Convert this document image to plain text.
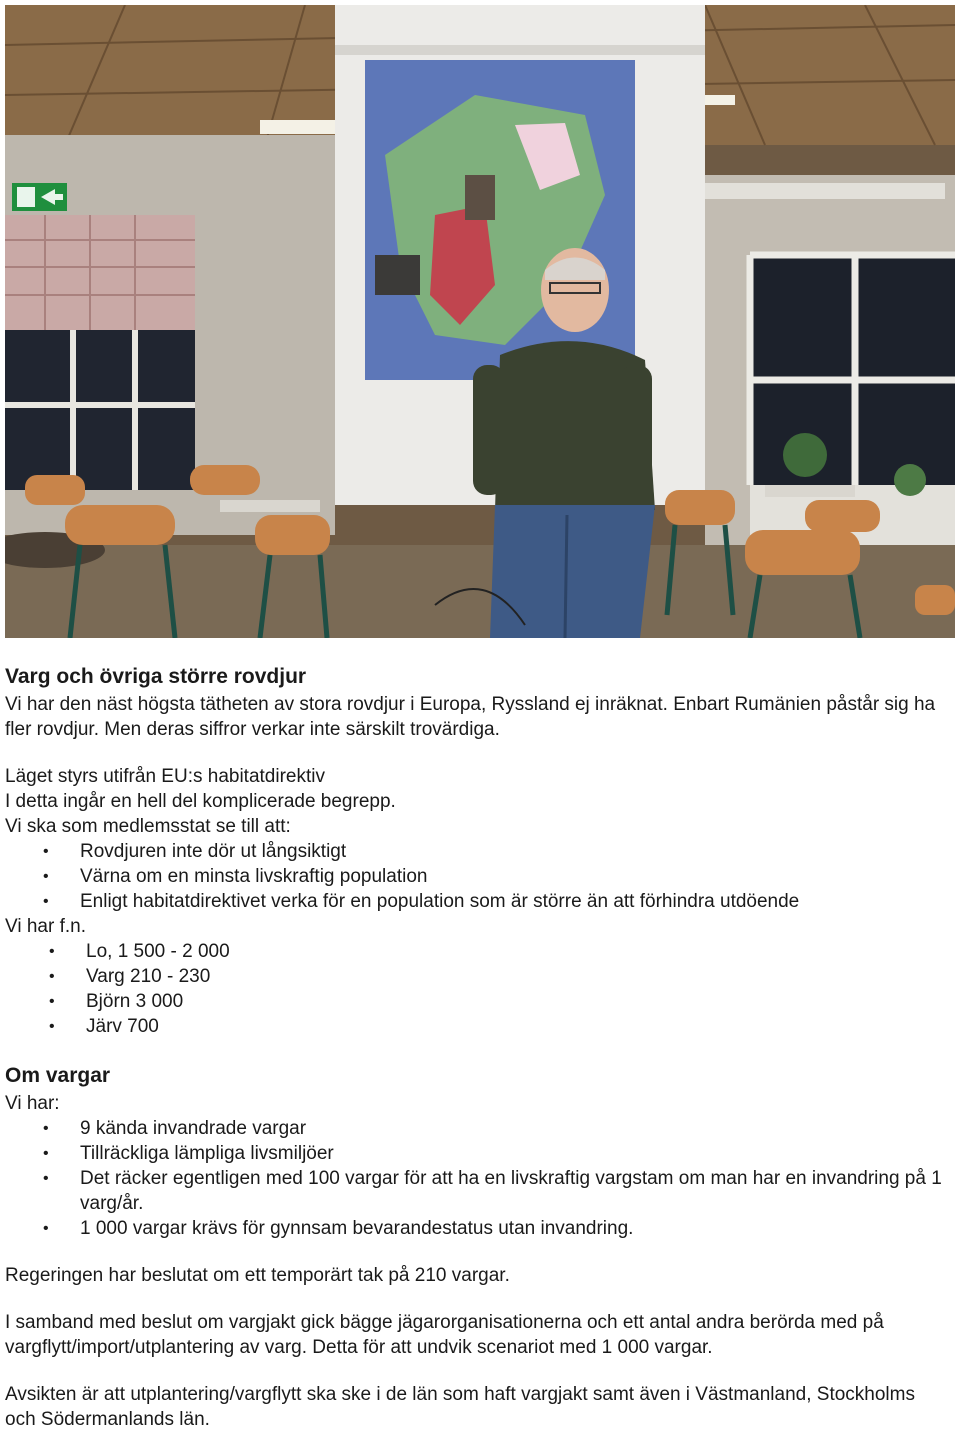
Varg och övriga större rovdjur

Vi har den näst högsta tätheten av stora rovdjur i Europa, Ryssland ej inräknat. Enbart Rumänien påstår sig ha fler rovdjur. Men deras siffror verkar inte särskilt trovärdiga.

Läget styrs utifrån EU:s habitatdirektiv

I detta ingår en hell del komplicerade begrepp.

Vi ska som medlemsstat se till att:

• Rovdjuren inte dör ut långsiktigt
• Värna om en minsta livskraftig population
• Enligt habitatdirektivet verka för en population som är större än att förhindra utdöende

Vi har f.n.

• Lo, 1 500 - 2 000
• Varg 210 - 230
• Björn 3 000
• Järv 700

Om vargar

Vi har:

• 9 kända invandrade vargar
• Tillräckliga lämpliga livsmiljöer
• Det räcker egentligen med 100 vargar för att ha en livskraftig vargstam om man har en invandring på 1 varg/år.
• 1 000 vargar krävs för gynnsam bevarandestatus utan invandring.

Regeringen har beslutat om ett temporärt tak på 210 vargar.

I samband med beslut om vargjakt gick bägge jägarorganisationerna och ett antal andra berörda med på vargflytt/import/utplantering av varg. Detta för att undvik scenariot med 1 000 vargar.

Avsikten är att utplantering/vargflytt ska ske i de län som haft vargjakt samt även i Västmanland, Stockholms och Södermanlands län.
